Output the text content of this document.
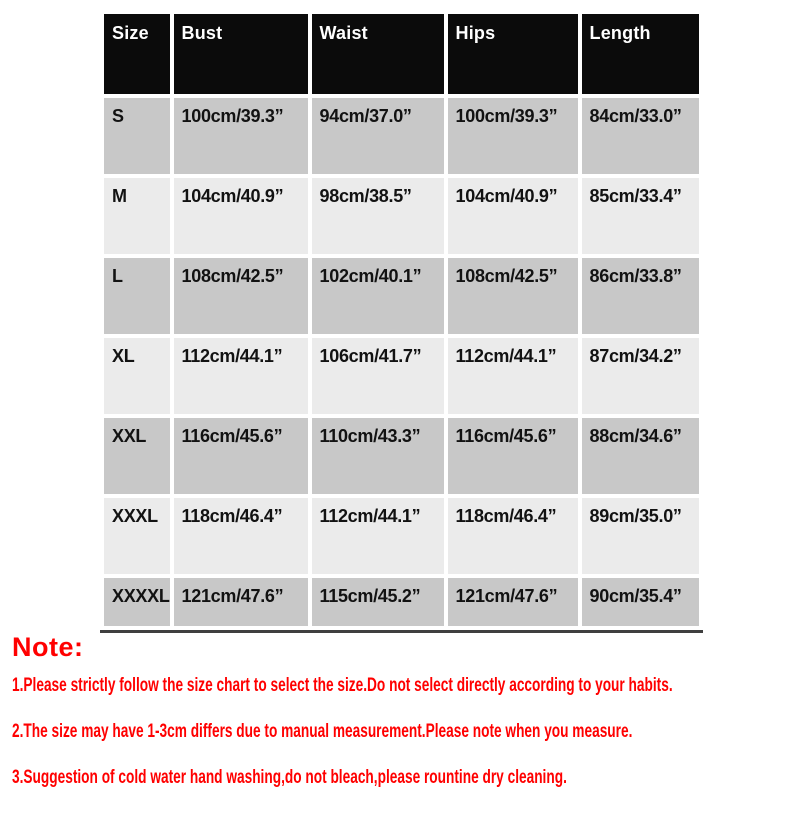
Size	Bust	Waist	Hips	Length
S	100cm/39.3”	94cm/37.0”	100cm/39.3”	84cm/33.0”
M	104cm/40.9”	98cm/38.5”	104cm/40.9”	85cm/33.4”
L	108cm/42.5”	102cm/40.1”	108cm/42.5”	86cm/33.8”
XL	112cm/44.1”	106cm/41.7”	112cm/44.1”	87cm/34.2”
XXL	116cm/45.6”	110cm/43.3”	116cm/45.6”	88cm/34.6”
XXXL	118cm/46.4”	112cm/44.1”	118cm/46.4”	89cm/35.0”
XXXXL	121cm/47.6”	115cm/45.2”	121cm/47.6”	90cm/35.4”
Note:
1.Please strictly follow the size chart to select the size.Do not select directly according to your habits.
2.The size may have 1-3cm differs due to manual measurement.Please note when you measure.
3.Suggestion of cold water hand washing,do not bleach,please rountine dry cleaning.
